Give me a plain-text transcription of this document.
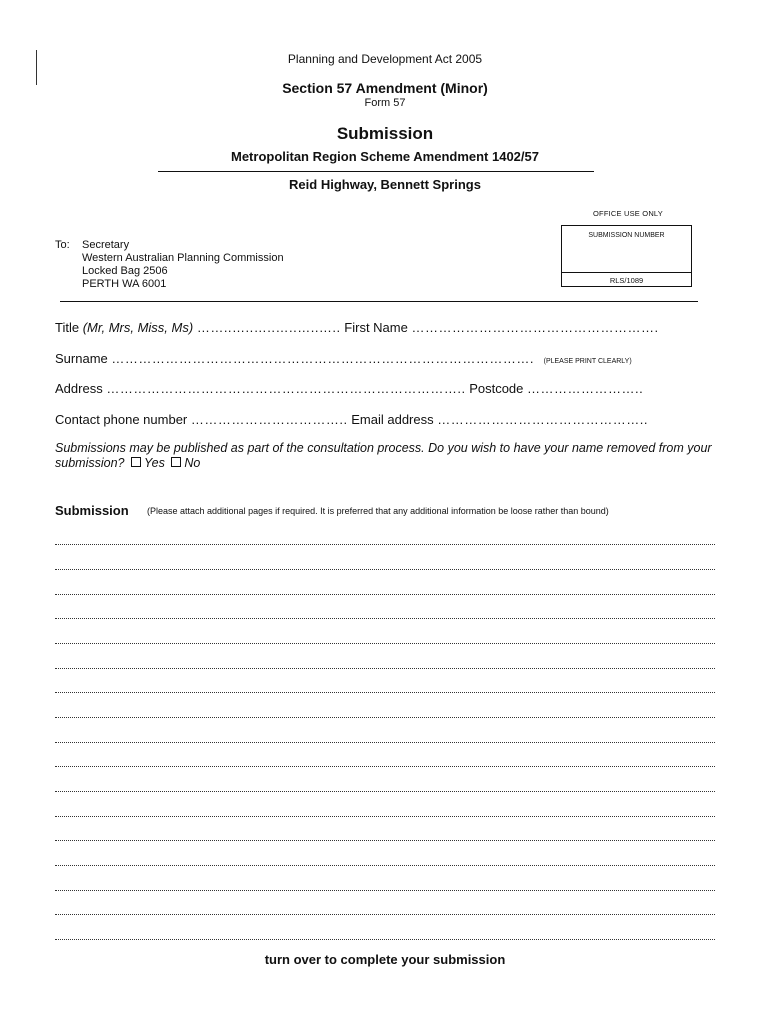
Planning and Development Act 2005
Section 57 Amendment (Minor)
Form 57
Submission
Metropolitan Region Scheme Amendment 1402/57
Reid Highway, Bennett Springs
OFFICE USE ONLY
SUBMISSION NUMBER
RLS/1089
To: Secretary
Western Australian Planning Commission
Locked Bag 2506
PERTH WA 6001
Title (Mr, Mrs, Miss, Ms) ……..…..…..…..…..….. First Name ……………………………………………….
Surname …………………………………………………………………………………. (PLEASE PRINT CLEARLY)
Address …………………………………………………………………….. Postcode ……………………..
Contact phone number …………………………….. Email address ………………………………………..
Submissions may be published as part of the consultation process. Do you wish to have your name removed from your submission? Yes No
Submission (Please attach additional pages if required. It is preferred that any additional information be loose rather than bound)
turn over to complete your submission
